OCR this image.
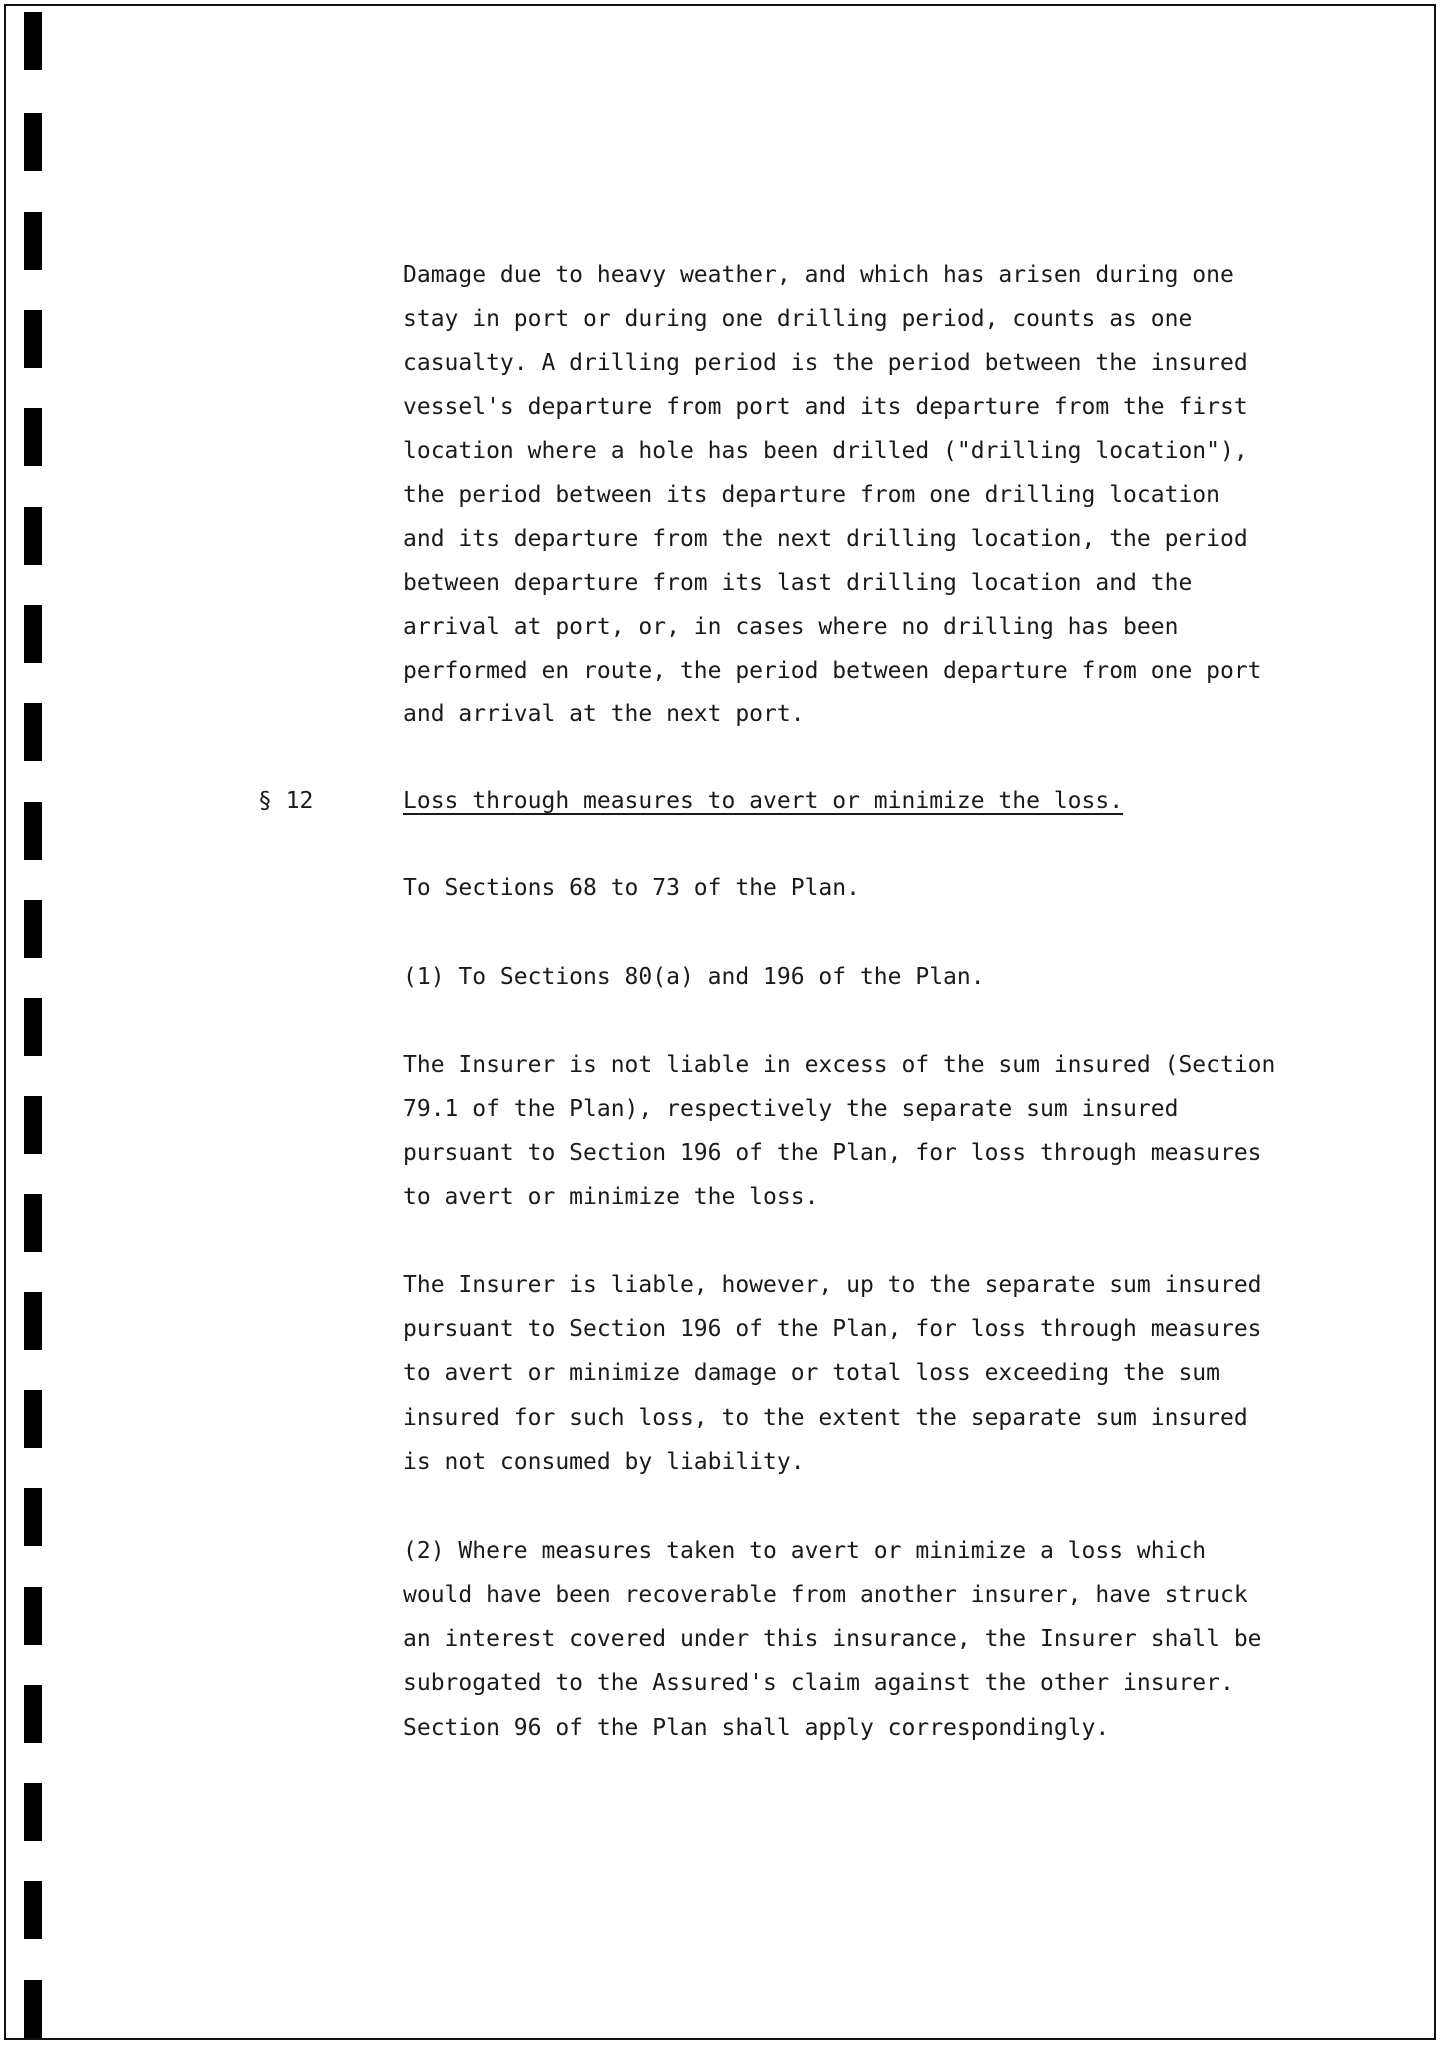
Damage due to heavy weather, and which has arisen during one
stay in port or during one drilling period, counts as one
casualty. A drilling period is the period between the insured
vessel's departure from port and its departure from the first
location where a hole has been drilled ("drilling location"),
the period between its departure from one drilling location
and its departure from the next drilling location, the period
between departure from its last drilling location and the
arrival at port, or, in cases where no drilling has been
performed en route, the period between departure from one port
and arrival at the next port.
§ 12	Loss through measures to avert or minimize the loss.
To Sections 68 to 73 of the Plan.
(1) To Sections 80(a) and 196 of the Plan.
The Insurer is not liable in excess of the sum insured (Section
79.1 of the Plan), respectively the separate sum insured
pursuant to Section 196 of the Plan, for loss through measures
to avert or minimize the loss.
The Insurer is liable, however, up to the separate sum insured
pursuant to Section 196 of the Plan, for loss through measures
to avert or minimize damage or total loss exceeding the sum
insured for such loss, to the extent the separate sum insured
is not consumed by liability.
(2) Where measures taken to avert or minimize a loss which
would have been recoverable from another insurer, have struck
an interest covered under this insurance, the Insurer shall be
subrogated to the Assured's claim against the other insurer.
Section 96 of the Plan shall apply correspondingly.
